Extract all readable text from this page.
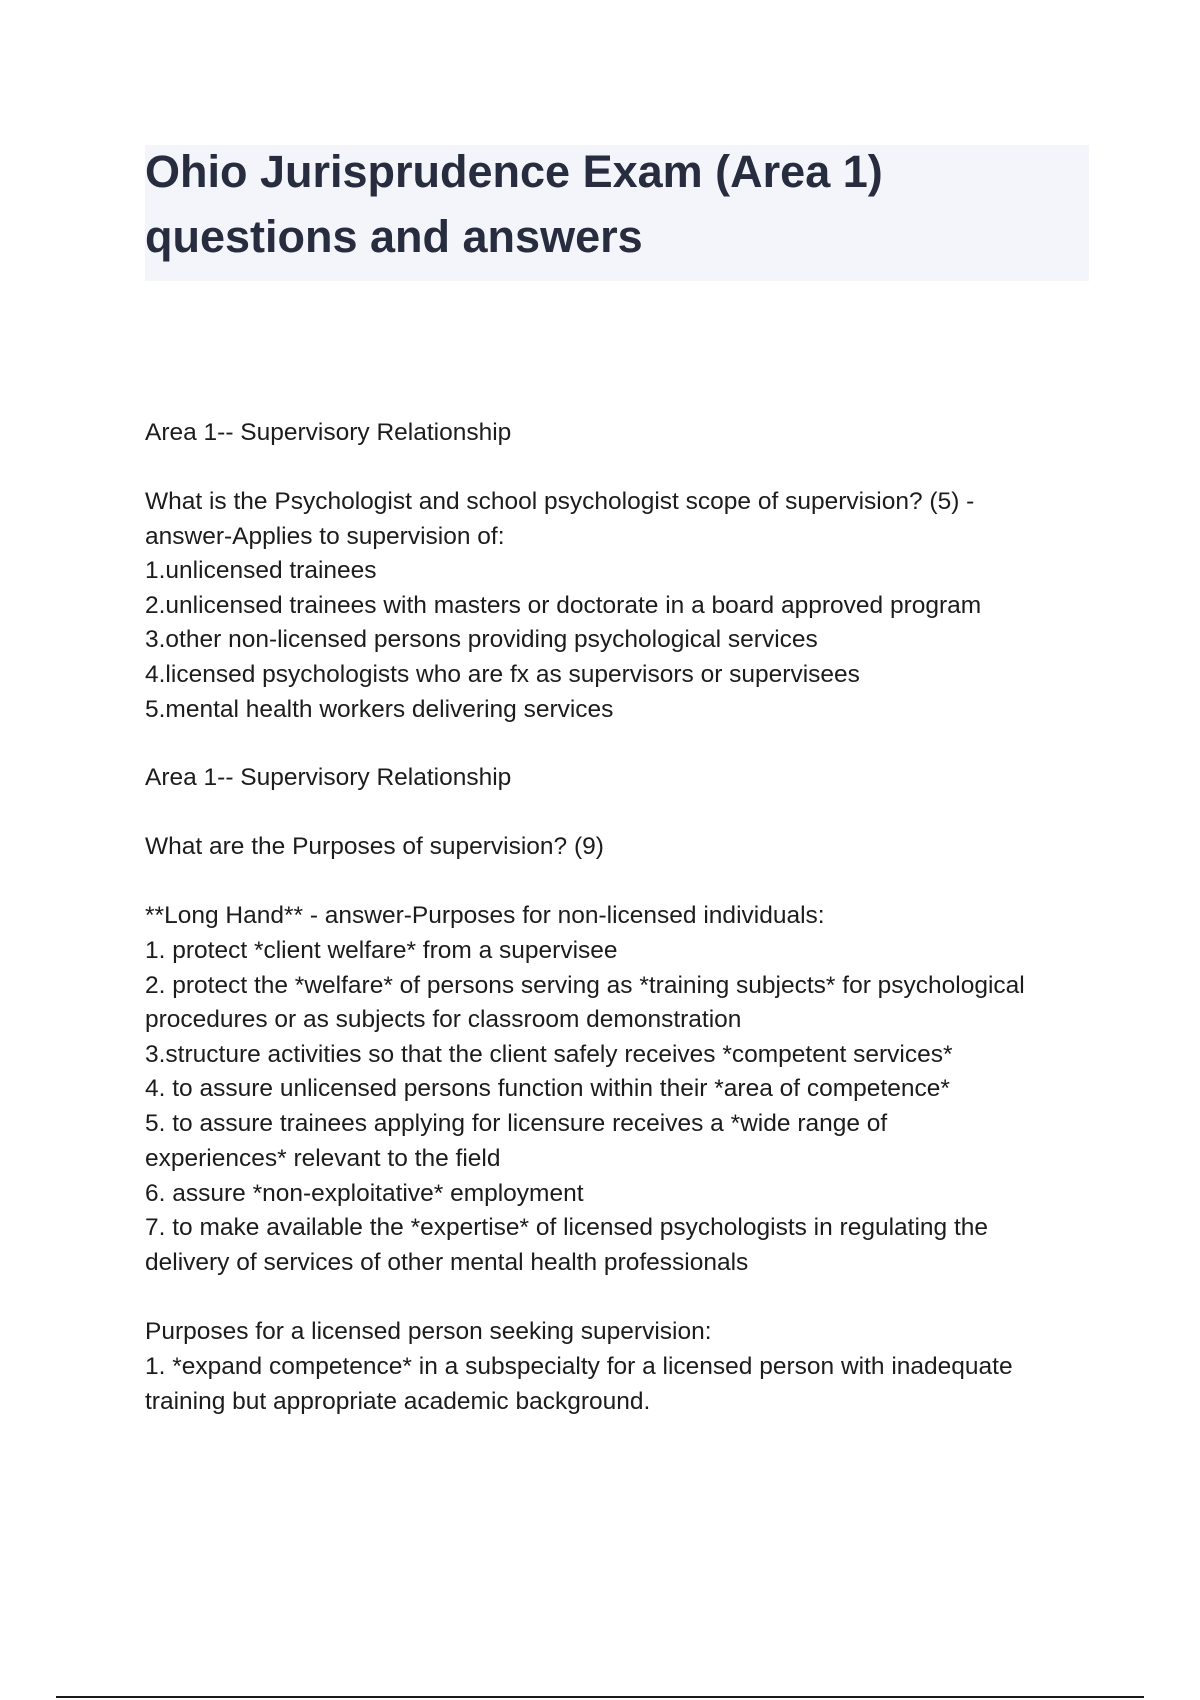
Ohio Jurisprudence Exam (Area 1)
questions and answers
Area 1-- Supervisory Relationship
What is the Psychologist and school psychologist scope of supervision? (5) -
answer-Applies to supervision of:
1.unlicensed trainees
2.unlicensed trainees with masters or doctorate in a board approved program
3.other non-licensed persons providing psychological services
4.licensed psychologists who are fx as supervisors or supervisees
5.mental health workers delivering services
Area 1-- Supervisory Relationship
What are the Purposes of supervision? (9)
**Long Hand** - answer-Purposes for non-licensed individuals:
1. protect *client welfare* from a supervisee
2. protect the *welfare* of persons serving as *training subjects* for psychological
procedures or as subjects for classroom demonstration
3.structure activities so that the client safely receives *competent services*
4. to assure unlicensed persons function within their *area of competence*
5. to assure trainees applying for licensure receives a *wide range of
experiences* relevant to the field
6. assure *non-exploitative* employment
7. to make available the *expertise* of licensed psychologists in regulating the
delivery of services of other mental health professionals
Purposes for a licensed person seeking supervision:
1. *expand competence* in a subspecialty for a licensed person with inadequate
training but appropriate academic background.
